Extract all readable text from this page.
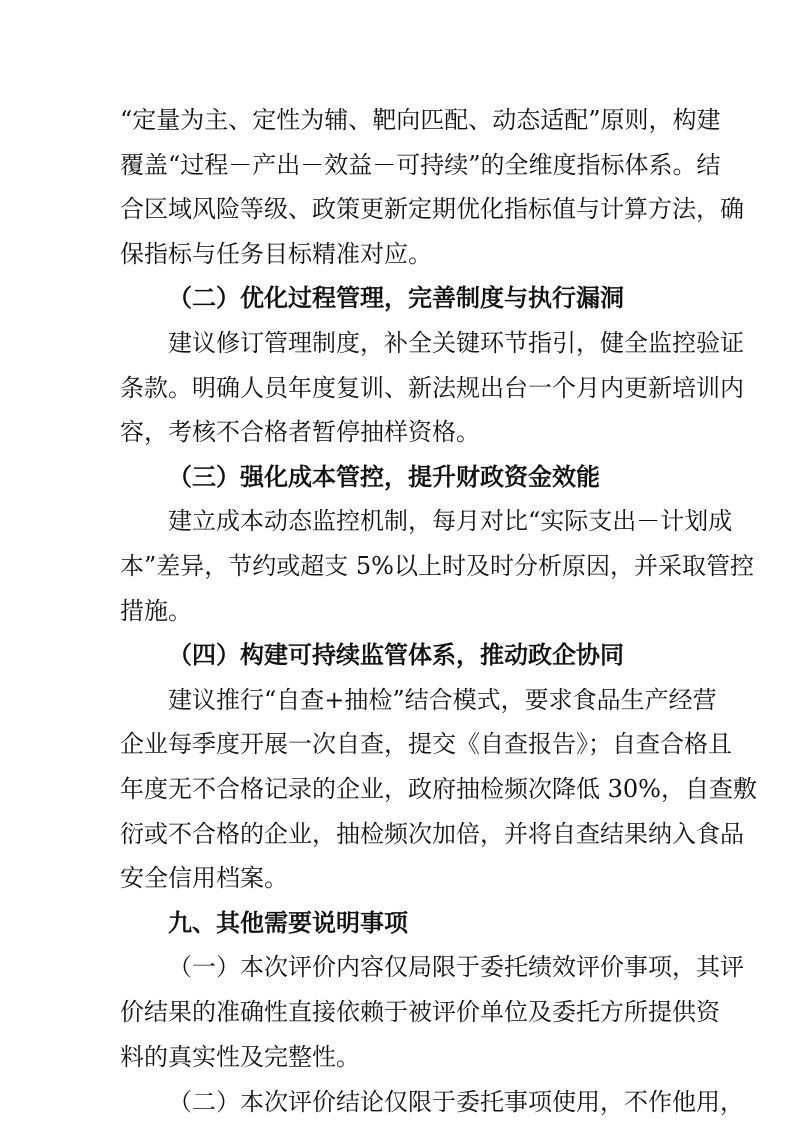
“定量为主、定性为辅、靶向匹配、动态适配”原则，构建
覆盖“过程－产出－效益－可持续”的全维度指标体系。结
合区域风险等级、政策更新定期优化指标值与计算方法，确
保指标与任务目标精准对应。
（二）优化过程管理，完善制度与执行漏洞
建议修订管理制度，补全关键环节指引，健全监控验证
条款。明确人员年度复训、新法规出台一个月内更新培训内
容，考核不合格者暂停抽样资格。
（三）强化成本管控，提升财政资金效能
建立成本动态监控机制，每月对比“实际支出－计划成
本”差异，节约或超支 5%以上时及时分析原因，并采取管控
措施。
（四）构建可持续监管体系，推动政企协同
建议推行“自查+抽检”结合模式，要求食品生产经营
企业每季度开展一次自查，提交《自查报告》；自查合格且
年度无不合格记录的企业，政府抽检频次降低 30%，自查敷
衍或不合格的企业，抽检频次加倍，并将自查结果纳入食品
安全信用档案。
九、其他需要说明事项
（一）本次评价内容仅局限于委托绩效评价事项，其评
价结果的准确性直接依赖于被评价单位及委托方所提供资
料的真实性及完整性。
（二）本次评价结论仅限于委托事项使用，不作他用，
